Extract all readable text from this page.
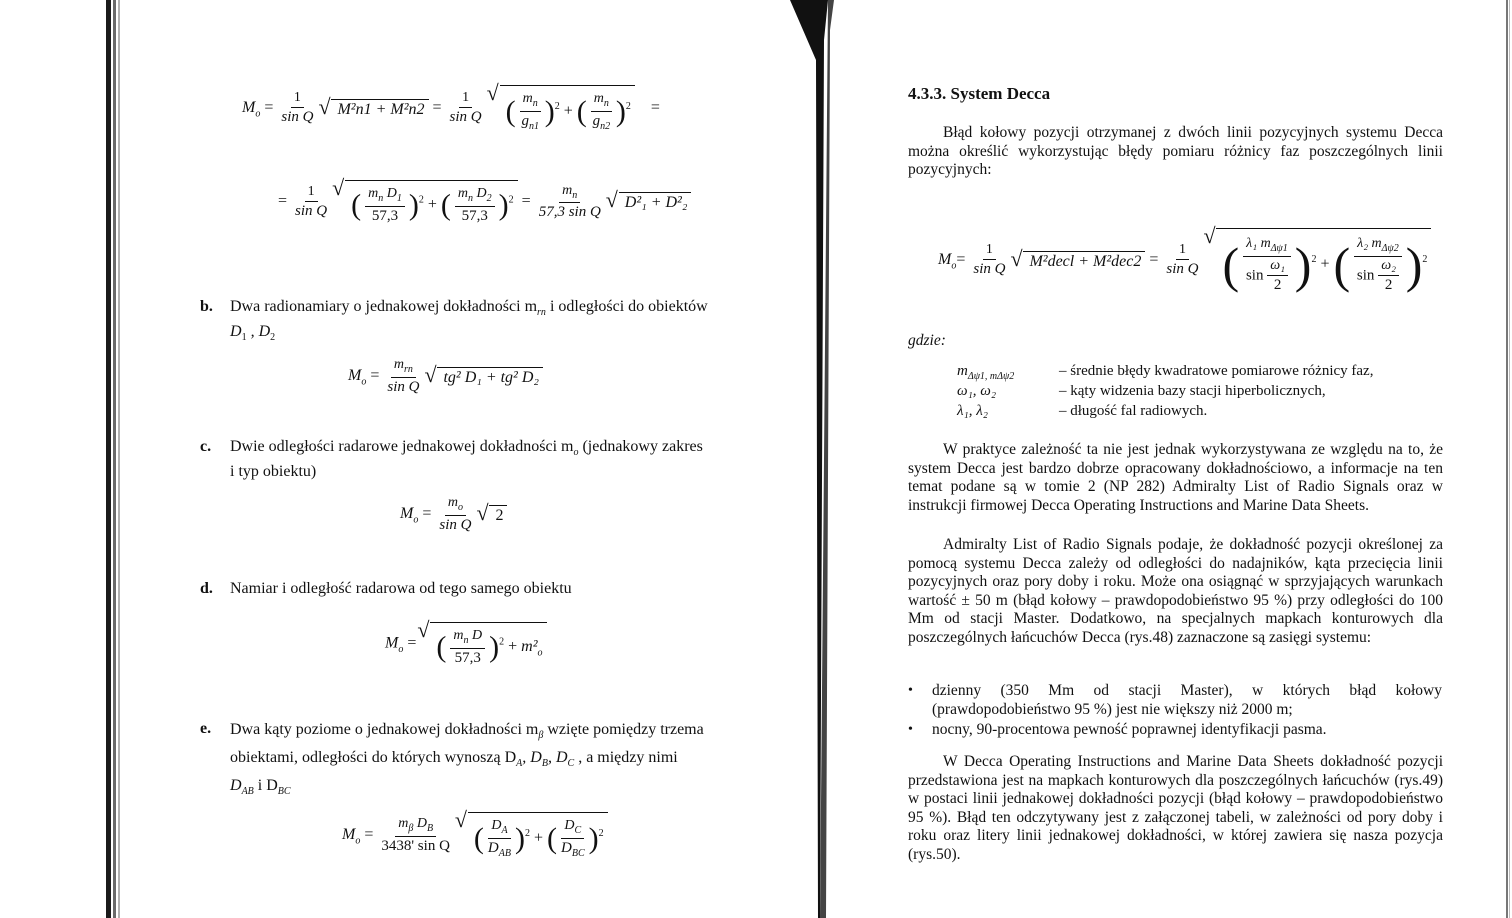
$M_o = \frac{1}{\text{sin Q}}$ √ $M^2n1 + M^2n2 = \frac{1}{\text{sin Q}}$ √ ( $\frac{m_n}{g_{n1}} )^2$ + ( $\frac{m_n}{g_{n2}} )^2$ =
= $\frac{1}{\text{sin Q}}$ √ ( $\frac{m_n D_1}{57,3} )^2$ + ( $\frac{m_n D_2}{57,3} )^2 = \frac{m_n}{\text{57,3 sin Q}}$ √ D²₁ + D²₂
b. Dwa radionamiary o jednakowej dokładności $m_{rn}$ i odległości do obiektów
$D_1$ , $D_2$
$M_o = \frac{m_{rn}}{\text{sin Q}}$ √ tg² D₁ + tg² D₂
c. Dwie odległości radarowe jednakowej dokładności $m_o$ (jednakowy zakres
i typ obiektu)
$M_o = \frac{m_o}{\text{sin Q}}$ √ 2
d. Namiar i odległość radarowa od tego samego obiektu
$M_o$ = √ ( $\frac{m_n D}{57,3} )^2 + m^2_o$
e. Dwa kąty poziome o jednakowej dokładności $m_\beta$ wzięte pomiędzy trzema
obiektami, odległości do których wynoszą $D_A$, $D_B$, $D_C$ , a między nimi
$D_{AB}$ i $D_{BC}$
$M_o = \frac{m_\beta D_B}{\text{3438' sin Q}}$ √ ( $\frac{D_A}{D_{AB}} )^2$ + ( $\frac{D_C}{D_{BC}} )^2$
4.3.3. System Decca
Błąd kołowy pozycji otrzymanej z dwóch linii pozycyjnych systemu Decca można określić wykorzystując błędy pomiaru różnicy faz poszczególnych linii pozycyjnych:
$M_o= \frac{1}{\text{sin Q}}$ √ M²decl + $M^2dec2 = \frac{1}{\text{sin Q}}$ √ ( $\frac{\lambda_1 m_{\Delta\psi 1}}{\sin \frac{\text{ω₁}}{2}} )^2$ + ( $\frac{\lambda_2 m_{\Delta\psi 2}}{\sin \frac{\text{ω₂}}{2}} )^2$
gdzie:
$m_{\Delta\psi 1, m\Delta\psi 2}$	– średnie błędy kwadratowe pomiarowe różnicy faz,
ω₁, ω₂	– kąty widzenia bazy stacji hiperbolicznych,
λ₁, λ₂	– długość fal radiowych.
W praktyce zależność ta nie jest jednak wykorzystywana ze względu na to, że system Decca jest bardzo dobrze opracowany dokładnościowo, a informacje na ten temat podane są w tomie 2 (NP 282) Admiralty List of Radio Signals oraz w instrukcji firmowej Decca Operating Instructions and Marine Data Sheets.
Admiralty List of Radio Signals podaje, że dokładność pozycji określonej za pomocą systemu Decca zależy od odległości do nadajników, kąta przecięcia linii pozycyjnych oraz pory doby i roku. Może ona osiągnąć w sprzyjających warunkach wartość ± 50 m (błąd kołowy – prawdopodobieństwo 95 %) przy odległości do 100 Mm od stacji Master. Dodatkowo, na specjalnych mapkach konturowych dla poszczególnych łańcuchów Decca (rys.48) zaznaczone są zasięgi systemu:
• dzienny (350 Mm od stacji Master), w których błąd kołowy (prawdopodobieństwo 95 %) jest nie większy niż 2000 m;
• nocny, 90-procentowa pewność poprawnej identyfikacji pasma.
W Decca Operating Instructions and Marine Data Sheets dokładność pozycji przedstawiona jest na mapkach konturowych dla poszczególnych łańcuchów (rys.49) w postaci linii jednakowej dokładności pozycji (błąd kołowy – prawdopodobieństwo 95 %). Błąd ten odczytywany jest z załączonej tabeli, w zależności od pory doby i roku oraz litery linii jednakowej dokładności, w której zawiera się nasza pozycja (rys.50).
